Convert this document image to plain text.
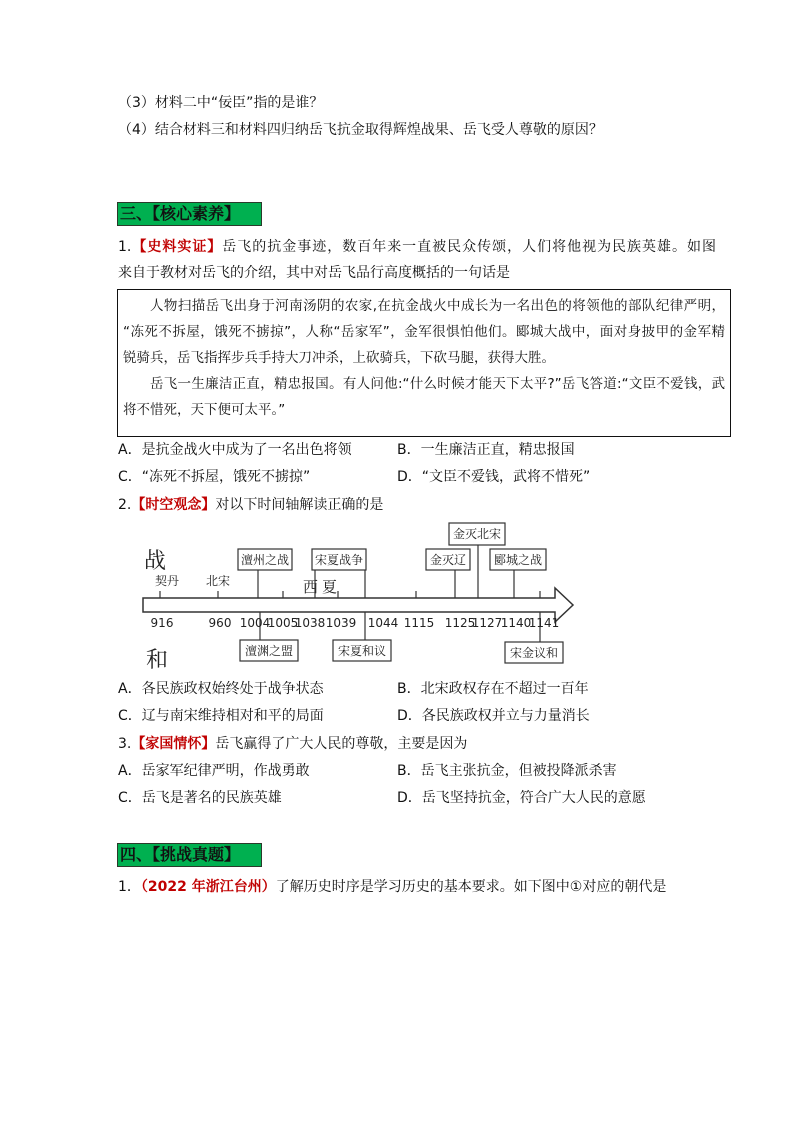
（3）材料二中“佞臣”指的是谁？
（4）结合材料三和材料四归纳岳飞抗金取得辉煌战果、岳飞受人尊敬的原因？
三、【核心素养】
1.【史料实证】岳飞的抗金事迹，数百年来一直被民众传颂，人们将他视为民族英雄。如图
来自于教材对岳飞的介绍，其中对岳飞品行高度概括的一句话是
人物扫描岳飞出身于河南汤阴的农家,在抗金战火中成长为一名出色的将领他的部队纪律严明，
“冻死不拆屋，饿死不掳掠”，人称“岳家军”，金军很惧怕他们。郾城大战中，面对身披甲的金军精
锐骑兵，岳飞指挥步兵手持大刀冲杀，上砍骑兵，下砍马腿，获得大胜。
岳飞一生廉洁正直，精忠报国。有人问他:“什么时候才能天下太平?”岳飞答道:“文臣不爱钱，武
将不惜死，天下便可太平。”
A．是抗金战火中成为了一名出色将领	B．一生廉洁正直，精忠报国
C．“冻死不拆屋，饿死不掳掠”	D．“文臣不爱钱，武将不惜死”
2.【时空观念】对以下时间轴解读正确的是
战
和
契丹 北宋	西夏
916	960 1004
1005
1038 1039 1044 1115 1125
1127
1140
1141
澶州之战 宋夏战争
金灭北宋
金灭辽 郾城之战
澶渊之盟	宋夏和议	宋金议和
A．各民族政权始终处于战争状态	B．北宋政权存在不超过一百年
C．辽与南宋维持相对和平的局面	D．各民族政权并立与力量消长
3.【家国情怀】岳飞赢得了广大人民的尊敬，主要是因为
A．岳家军纪律严明，作战勇敢	B．岳飞主张抗金，但被投降派杀害
C．岳飞是著名的民族英雄	D．岳飞坚持抗金，符合广大人民的意愿
四、【挑战真题】
1．（2022 年浙江台州）了解历史时序是学习历史的基本要求。如下图中①对应的朝代是
